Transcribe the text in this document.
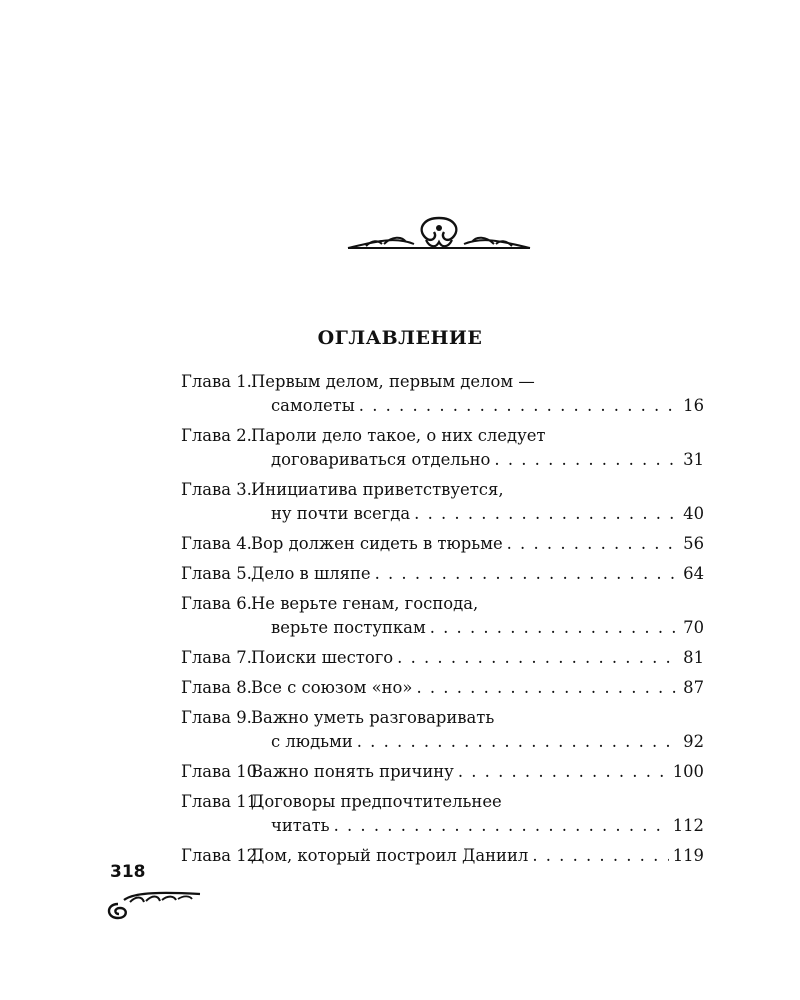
ОГЛАВЛЕНИЕ
Глава 1. Первым делом, первым делом —
самолеты . . .	16
Глава 2. Пароли дело такое, о них следует
договариваться отдельно . . .	31
Глава 3. Инициатива приветствуется,
ну почти всегда . . .	40
Глава 4. Вор должен сидеть в тюрьме . . .	56
Глава 5. Дело в шляпе . . .	64
Глава 6. Не верьте генам, господа,
верьте поступкам . . .	70
Глава 7. Поиски шестого . . .	81
Глава 8. Все с союзом «но» . . .	87
Глава 9. Важно уметь разговаривать
с людьми . . .	92
Глава 10.
Важно понять причину . . .	100
Глава 11.
Договоры предпочтительнее
читать . . .	112
Глава 12.
Дом, который построил Даниил . . .	119
318
